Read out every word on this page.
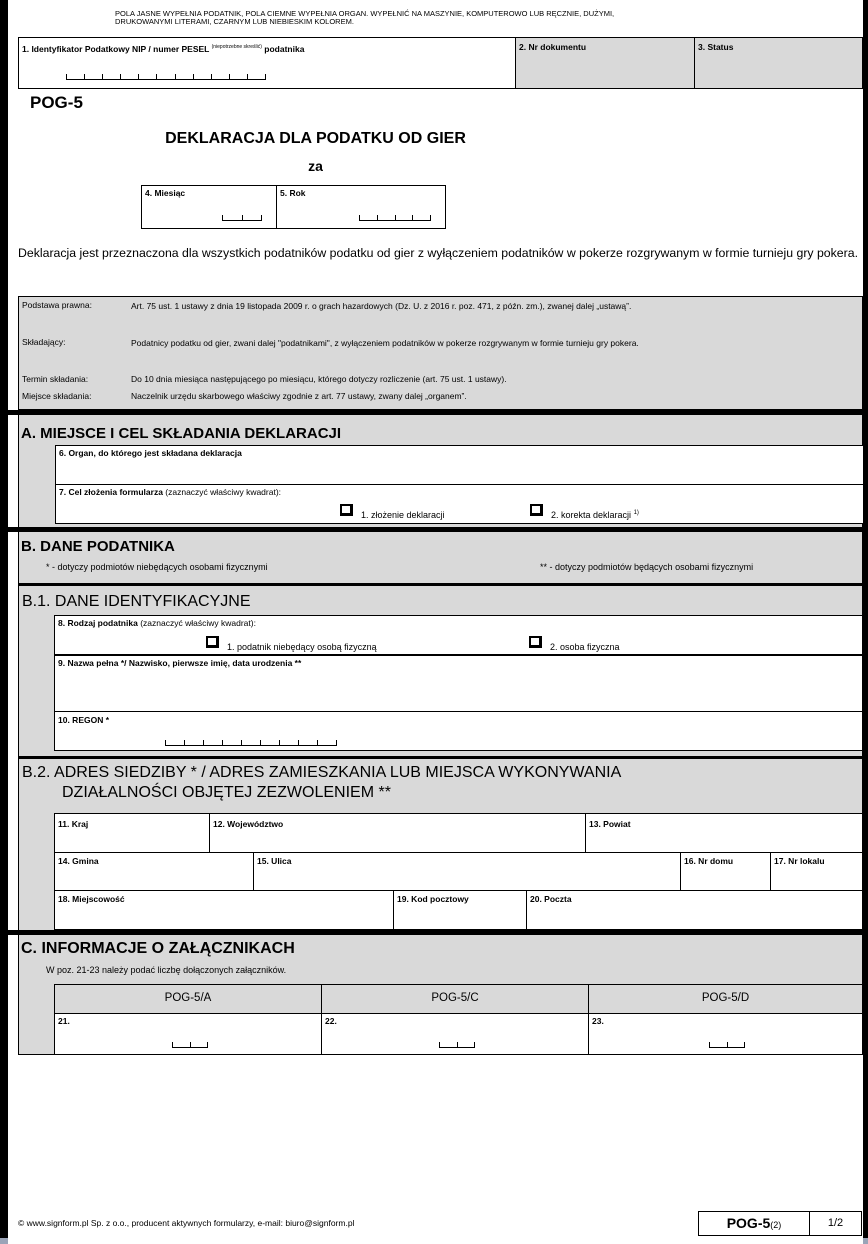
POLA JASNE WYPEŁNIA PODATNIK, POLA CIEMNE WYPEŁNIA ORGAN. WYPEŁNIĆ NA MASZYNIE, KOMPUTEROWO LUB RĘCZNIE, DUŻYMI,
DRUKOWANYMI LITERAMI, CZARNYM LUB NIEBIESKIM KOLOREM.
1. Identyfikator Podatkowy NIP / numer PESEL $^{(niepotrzebne skreślić)}$ podatnika	2. Nr dokumentu	3. Status
POG-5
DEKLARACJA DLA PODATKU OD GIER
za
4. Miesiąc	5. Rok
Deklaracja jest przeznaczona dla wszystkich podatników podatku od gier z wyłączeniem podatników w pokerze rozgrywanym w formie turnieju gry pokera.
Podstawa prawna:	Art. 75 ust. 1 ustawy z dnia 19 listopada 2009 r. o grach hazardowych (Dz. U. z 2016 r. poz. 471, z późn. zm.), zwanej dalej „ustawą”.
Składający:	Podatnicy podatku od gier, zwani dalej "podatnikami", z wyłączeniem podatników w pokerze rozgrywanym w formie turnieju gry pokera.
Termin składania:	Do 10 dnia miesiąca następującego po miesiącu, którego dotyczy rozliczenie (art. 75 ust. 1 ustawy).
Miejsce składania:	Naczelnik urzędu skarbowego właściwy zgodnie z art. 77 ustawy, zwany dalej „organem”.
A. MIEJSCE I CEL SKŁADANIA DEKLARACJI
6. Organ, do którego jest składana deklaracja
7. Cel złożenia formularza (zaznaczyć właściwy kwadrat):
1. złożenie deklaracji	2. korekta deklaracji $^{1)}$
B. DANE PODATNIKA
* - dotyczy podmiotów niebędących osobami fizycznymi	** - dotyczy podmiotów będących osobami fizycznymi
B.1. DANE IDENTYFIKACYJNE
8. Rodzaj podatnika (zaznaczyć właściwy kwadrat):
1. podatnik niebędący osobą fizyczną	2. osoba fizyczna
9. Nazwa pełna */ Nazwisko, pierwsze imię, data urodzenia **
10. REGON *
B.2. ADRES SIEDZIBY * / ADRES ZAMIESZKANIA LUB MIEJSCA WYKONYWANIA
DZIAŁALNOŚCI OBJĘTEJ ZEZWOLENIEM **
11. Kraj	12. Województwo	13. Powiat
14. Gmina	15. Ulica	16. Nr domu	17. Nr lokalu
18. Miejscowość	19. Kod pocztowy	20. Poczta
C. INFORMACJE O ZAŁĄCZNIKACH
W poz. 21-23 należy podać liczbę dołączonych załączników.
POG-5/A	POG-5/C	POG-5/D
21.	22.	23.
© www.signform.pl Sp. z o.o., producent aktywnych formularzy, e-mail: biuro@signform.pl	POG-5(2)	1/2
